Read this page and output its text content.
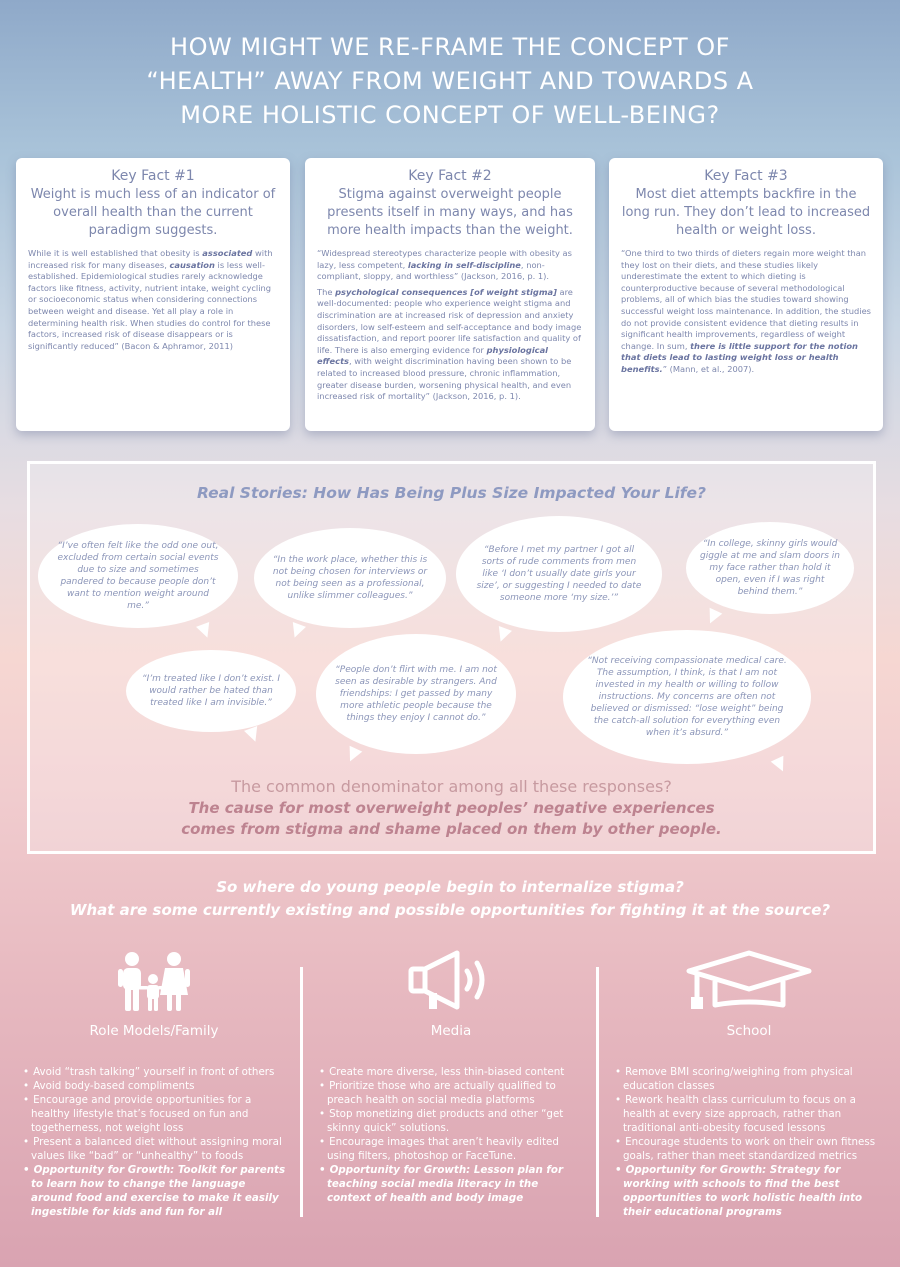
HOW MIGHT WE RE-FRAME THE CONCEPT OF
“HEALTH” AWAY FROM WEIGHT AND TOWARDS A
MORE HOLISTIC CONCEPT OF WELL-BEING?
Key Fact #1
Weight is much less of an indicator of overall health than the current paradigm suggests.

While it is well established that obesity is associated with increased risk for many diseases, causation is less well-established. Epidemiological studies rarely acknowledge factors like fitness, activity, nutrient intake, weight cycling or socioeconomic status when considering connections between weight and disease. Yet all play a role in determining health risk. When studies do control for these factors, increased risk of disease disappears or is significantly reduced” (Bacon & Aphramor, 2011)

Key Fact #2
Stigma against overweight people presents itself in many ways, and has more health impacts than the weight.

“Widespread stereotypes characterize people with obesity as lazy, less competent, lacking in self-discipline, non-compliant, sloppy, and worthless” (Jackson, 2016, p. 1).

The psychological consequences [of weight stigma] are well-documented: people who experience weight stigma and discrimination are at increased risk of depression and anxiety disorders, low self-esteem and self-acceptance and body image dissatisfaction, and report poorer life satisfaction and quality of life. There is also emerging evidence for physiological effects, with weight discrimination having been shown to be related to increased blood pressure, chronic inflammation, greater disease burden, worsening physical health, and even increased risk of mortality” (Jackson, 2016, p. 1).

Key Fact #3
Most diet attempts backfire in the long run. They don’t lead to increased health or weight loss.

“One third to two thirds of dieters regain more weight than they lost on their diets, and these studies likely underestimate the extent to which dieting is counterproductive because of several methodological problems, all of which bias the studies toward showing successful weight loss maintenance. In addition, the studies do not provide consistent evidence that dieting results in significant health improvements, regardless of weight change. In sum, there is little support for the notion that diets lead to lasting weight loss or health benefits.” (Mann, et al., 2007).

Real Stories: How Has Being Plus Size Impacted Your Life?
“I’ve often felt like the odd one out, excluded from certain social events due to size and sometimes pandered to because people don’t want to mention weight around me.”
“In the work place, whether this is not being chosen for interviews or not being seen as a professional, unlike slimmer colleagues.”
“Before I met my partner I got all sorts of rude comments from men like ‘I don’t usually date girls your size’, or suggesting I needed to date someone more ‘my size.’”
“In college, skinny girls would giggle at me and slam doors in my face rather than hold it open, even if I was right behind them.”
“I’m treated like I don’t exist. I would rather be hated than treated like I am invisible.”
“People don’t flirt with me. I am not seen as desirable by strangers. And friendships: I get passed by many more athletic people because the things they enjoy I cannot do.”
“Not receiving compassionate medical care. The assumption, I think, is that I am not invested in my health or willing to follow instructions. My concerns are often not believed or dismissed: “lose weight” being the catch-all solution for everything even when it’s absurd.”
The common denominator among all these responses?
The cause for most overweight peoples’ negative experiences
comes from stigma and shame placed on them by other people.
So where do young people begin to internalize stigma?
What are some currently existing and possible opportunities for fighting it at the source?
Role Models/Family
• Avoid “trash talking” yourself in front of others
• Avoid body-based compliments
• Encourage and provide opportunities for a healthy lifestyle that’s focused on fun and togetherness, not weight loss
• Present a balanced diet without assigning moral values like “bad” or “unhealthy” to foods
• Opportunity for Growth: Toolkit for parents to learn how to change the language around food and exercise to make it easily ingestible for kids and fun for all
Media
• Create more diverse, less thin-biased content
• Prioritize those who are actually qualified to preach health on social media platforms
• Stop monetizing diet products and other “get skinny quick” solutions.
• Encourage images that aren’t heavily edited using filters, photoshop or FaceTune.
• Opportunity for Growth: Lesson plan for teaching social media literacy in the context of health and body image
School
• Remove BMI scoring/weighing from physical education classes
• Rework health class curriculum to focus on a health at every size approach, rather than traditional anti-obesity focused lessons
• Encourage students to work on their own fitness goals, rather than meet standardized metrics
• Opportunity for Growth: Strategy for working with schools to find the best opportunities to work holistic health into their educational programs
